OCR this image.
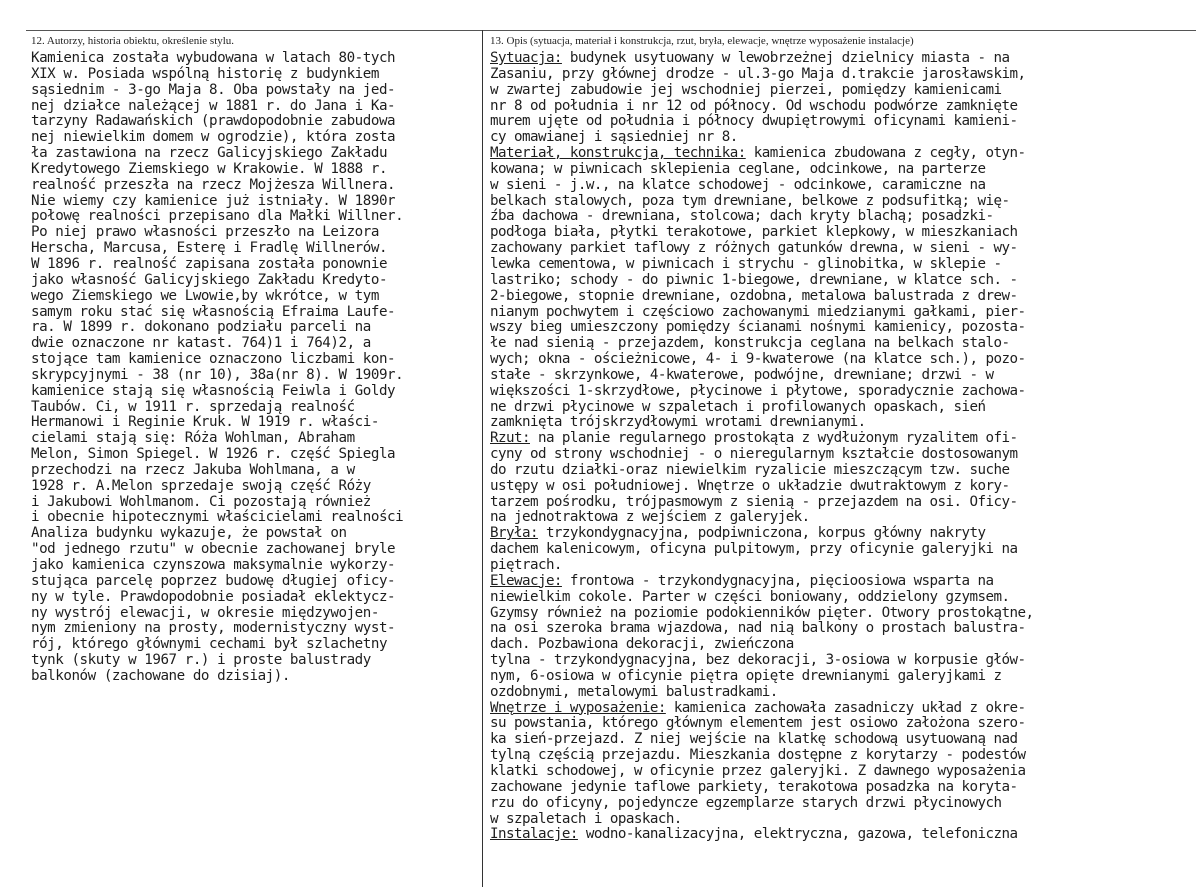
12. Autorzy, historia obiektu, określenie stylu.	13. Opis (sytuacja, materiał i konstrukcja, rzut, bryła, elewacje, wnętrze wyposażenie instalacje)
Kamienica została wybudowana w latach 80-tych
XIX w. Posiada wspólną historię z budynkiem
sąsiednim - 3-go Maja 8. Oba powstały na jed-
nej działce należącej w 1881 r. do Jana i Ka-
tarzyny Radawańskich (prawdopodobnie zabudowa
nej niewielkim domem w ogrodzie), która zosta
ła zastawiona na rzecz Galicyjskiego Zakładu
Kredytowego Ziemskiego w Krakowie. W 1888 r.
realność przeszła na rzecz Mojżesza Willnera.
Nie wiemy czy kamienice już istniały. W 1890r
połowę realności przepisano dla Małki Willner.
Po niej prawo własności przeszło na Leizora
Herscha, Marcusa, Esterę i Fradlę Willnerów.
W 1896 r. realność zapisana została ponownie
jako własność Galicyjskiego Zakładu Kredyto-
wego Ziemskiego we Lwowie,by wkrótce, w tym
samym roku stać się własnością Efraima Laufe-
ra. W 1899 r. dokonano podziału parceli na
dwie oznaczone nr katast. 764)1 i 764)2, a
stojące tam kamienice oznaczono liczbami kon-
skrypcyjnymi - 38 (nr 10), 38a(nr 8). W 1909r.
kamienice stają się własnością Feiwla i Goldy
Taubów. Ci, w 1911 r. sprzedają realność
Hermanowi i Reginie Kruk. W 1919 r. właści-
cielami stają się: Róża Wohlman, Abraham
Melon, Simon Spiegel. W 1926 r. część Spiegla
przechodzi na rzecz Jakuba Wohlmana, a w
1928 r. A.Melon sprzedaje swoją część Róży
i Jakubowi Wohlmanom. Ci pozostają również
i obecnie hipotecznymi właścicielami realności
Analiza budynku wykazuje, że powstał on
"od jednego rzutu" w obecnie zachowanej bryle
jako kamienica czynszowa maksymalnie wykorzy-
stująca parcelę poprzez budowę długiej oficy-
ny w tyle. Prawdopodobnie posiadał eklektycz-
ny wystrój elewacji, w okresie międzywojen-
nym zmieniony na prosty, modernistyczny wyst-
rój, którego głównymi cechami był szlachetny
tynk (skuty w 1967 r.) i proste balustrady
balkonów (zachowane do dzisiaj).
Sytuacja: budynek usytuowany w lewobrzeżnej dzielnicy miasta - na
Zasaniu, przy głównej drodze - ul.3-go Maja d.trakcie jarosławskim,
w zwartej zabudowie jej wschodniej pierzei, pomiędzy kamienicami
nr 8 od południa i nr 12 od północy. Od wschodu podwórze zamknięte
murem ujęte od południa i północy dwupiętrowymi oficynami kamieni-
cy omawianej i sąsiedniej nr 8.
Materiał, konstrukcja, technika: kamienica zbudowana z cegły, otyn-
kowana; w piwnicach sklepienia ceglane, odcinkowe, na parterze
w sieni - j.w., na klatce schodowej - odcinkowe, caramiczne na
belkach stalowych, poza tym drewniane, belkowe z podsufitką; wię-
źba dachowa - drewniana, stolcowa; dach kryty blachą; posadzki-
podłoga biała, płytki terakotowe, parkiet klepkowy, w mieszkaniach
zachowany parkiet taflowy z różnych gatunków drewna, w sieni - wy-
lewka cementowa, w piwnicach i strychu - glinobitka, w sklepie -
lastriko; schody - do piwnic 1-biegowe, drewniane, w klatce sch. -
2-biegowe, stopnie drewniane, ozdobna, metalowa balustrada z drew-
nianym pochwytem i częściowo zachowanymi miedzianymi gałkami, pier-
wszy bieg umieszczony pomiędzy ścianami nośnymi kamienicy, pozosta-
łe nad sienią - przejazdem, konstrukcja ceglana na belkach stalo-
wych; okna - ościeżnicowe, 4- i 9-kwaterowe (na klatce sch.), pozo-
stałe - skrzynkowe, 4-kwaterowe, podwójne, drewniane; drzwi - w
większości 1-skrzydłowe, płycinowe i płytowe, sporadycznie zachowa-
ne drzwi płycinowe w szpaletach i profilowanych opaskach, sień
zamknięta trójskrzydłowymi wrotami drewnianymi.
Rzut: na planie regularnego prostokąta z wydłużonym ryzalitem ofi-
cyny od strony wschodniej - o nieregularnym kształcie dostosowanym
do rzutu działki-oraz niewielkim ryzalicie mieszczącym tzw. suche
ustępy w osi południowej. Wnętrze o układzie dwutraktowym z kory-
tarzem pośrodku, trójpasmowym z sienią - przejazdem na osi. Oficy-
na jednotraktowa z wejściem z galeryjek.
Bryła: trzykondygnacyjna, podpiwniczona, korpus główny nakryty
dachem kalenicowym, oficyna pulpitowym, przy oficynie galeryjki na
piętrach.
Elewacje: frontowa - trzykondygnacyjna, pięcioosiowa wsparta na
niewielkim cokole. Parter w części boniowany, oddzielony gzymsem.
Gzymsy również na poziomie podokienników pięter. Otwory prostokątne,
na osi szeroka brama wjazdowa, nad nią balkony o prostach balustra-
dach. Pozbawiona dekoracji, zwieńczona
tylna - trzykondygnacyjna, bez dekoracji, 3-osiowa w korpusie głów-
nym, 6-osiowa w oficynie piętra opięte drewnianymi galeryjkami z
ozdobnymi, metalowymi balustradkami.
Wnętrze i wyposażenie: kamienica zachowała zasadniczy układ z okre-
su powstania, którego głównym elementem jest osiowo założona szero-
ka sień-przejazd. Z niej wejście na klatkę schodową usytuowaną nad
tylną częścią przejazdu. Mieszkania dostępne z korytarzy - podestów
klatki schodowej, w oficynie przez galeryjki. Z dawnego wyposażenia
zachowane jedynie taflowe parkiety, terakotowa posadzka na koryta-
rzu do oficyny, pojedyncze egzemplarze starych drzwi płycinowych
w szpaletach i opaskach.
Instalacje: wodno-kanalizacyjna, elektryczna, gazowa, telefoniczna
